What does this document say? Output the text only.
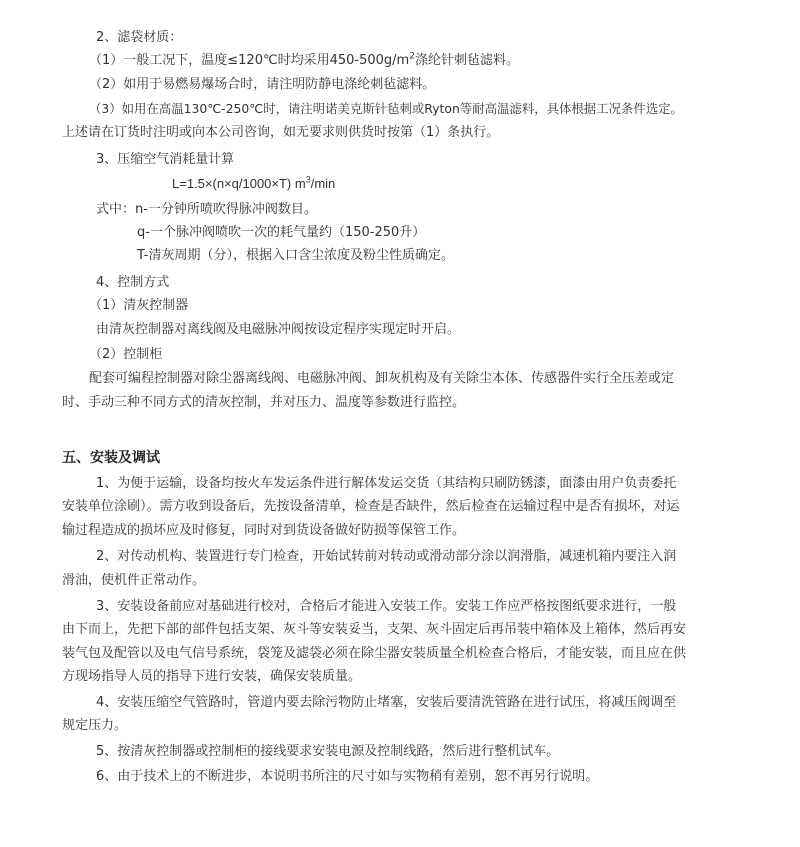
2、滤袋材质：

（1）一般工况下，温度≤120℃时均采用$450-500g/m^2$涤纶针刺毡滤料。

（2）如用于易燃易爆场合时，请注明防静电涤纶刺毡滤料。

（3）如用在高温130℃-250℃时，请注明诺美克斯针毡刺或Ryton等耐高温滤料，具体根据工况条件选定。

上述请在订货时注明或向本公司咨询，如无要求则供货时按第（1）条执行。

3、压缩空气消耗量计算

L=1.5×(n×q/1000×T) $m^3/\min$

式中：n-一分钟所喷吹得脉冲阀数目。

q-一个脉冲阀喷吹一次的耗气量约（150-250升）

T-清灰周期（分），根据入口含尘浓度及粉尘性质确定。

4、控制方式

（1）清灰控制器

由清灰控制器对离线阀及电磁脉冲阀按设定程序实现定时开启。

（2）控制柜

配套可编程控制器对除尘器离线阀、电磁脉冲阀、卸灰机构及有关除尘本体、传感器件实行全压差或定

时、手动三种不同方式的清灰控制，并对压力、温度等参数进行监控。

五、安装及调试

1、为便于运输，设备均按火车发运条件进行解体发运交货（其结构只刷防锈漆，面漆由用户负责委托

安装单位涂刷）。需方收到设备后，先按设备清单，检查是否缺件，然后检查在运输过程中是否有损坏，对运

输过程造成的损坏应及时修复，同时对到货设备做好防损等保管工作。

2、对传动机构、装置进行专门检查，开始试转前对转动或滑动部分涂以润滑脂，减速机箱内要注入润

滑油，使机件正常动作。

3、安装设备前应对基础进行校对，合格后才能进入安装工作。安装工作应严格按图纸要求进行，一般

由下而上，先把下部的部件包括支架、灰斗等安装妥当，支架、灰斗固定后再吊装中箱体及上箱体，然后再安

装气包及配管以及电气信号系统，袋笼及滤袋必须在除尘器安装质量全机检查合格后，才能安装，而且应在供

方现场指导人员的指导下进行安装，确保安装质量。

4、安装压缩空气管路时，管道内要去除污物防止堵塞，安装后要清洗管路在进行试压，将减压阀调至

规定压力。

5、按清灰控制器或控制柜的接线要求安装电源及控制线路，然后进行整机试车。

6、由于技术上的不断进步，本说明书所注的尺寸如与实物稍有差别，恕不再另行说明。
